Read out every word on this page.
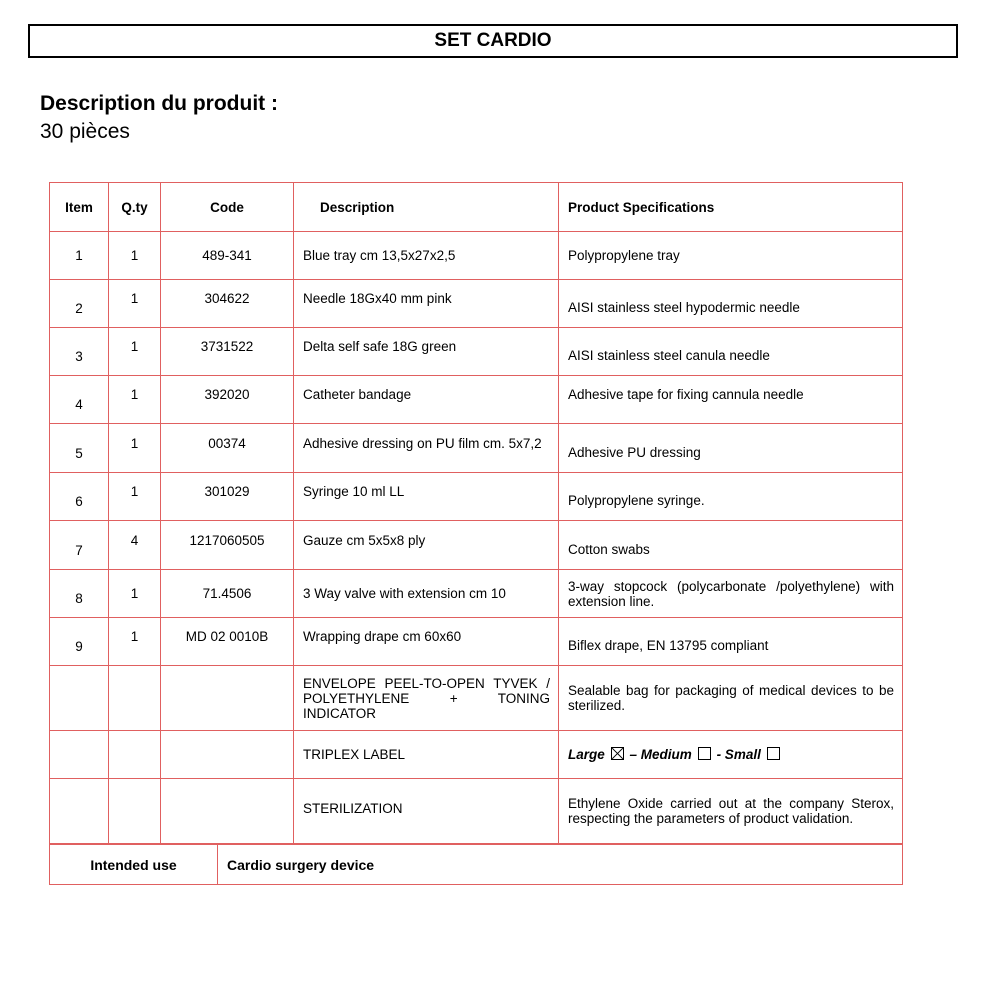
SET CARDIO
Description du produit :
30 pièces
Item	Q.ty	Code	Description	Product Specifications
1	1	489-341	Blue tray cm 13,5x27x2,5	Polypropylene tray
2	1	304622	Needle 18Gx40 mm pink	AISI stainless steel hypodermic needle
3	1	3731522	Delta self safe 18G green	AISI stainless steel canula needle
4	1	392020	Catheter bandage	Adhesive tape for fixing cannula needle
5	1	00374	Adhesive dressing on PU film cm. 5x7,2	Adhesive PU dressing
6	1	301029	Syringe 10 ml LL	Polypropylene syringe.
7	4	1217060505	Gauze cm 5x5x8 ply	Cotton swabs
8	1	71.4506	3 Way valve with extension cm 10	3-way stopcock (polycarbonate /polyethylene) with extension line.
9	1	MD 02 0010B	Wrapping drape cm 60x60	Biflex drape, EN 13795 compliant
			ENVELOPE PEEL-TO-OPEN TYVEK / POLYETHYLENE + TONING INDICATOR	Sealable bag for packaging of medical devices to be sterilized.
			TRIPLEX LABEL	Large – Medium - Small
			STERILIZATION	Ethylene Oxide carried out at the company Sterox, respecting the parameters of product validation.
Intended use	Cardio surgery device
